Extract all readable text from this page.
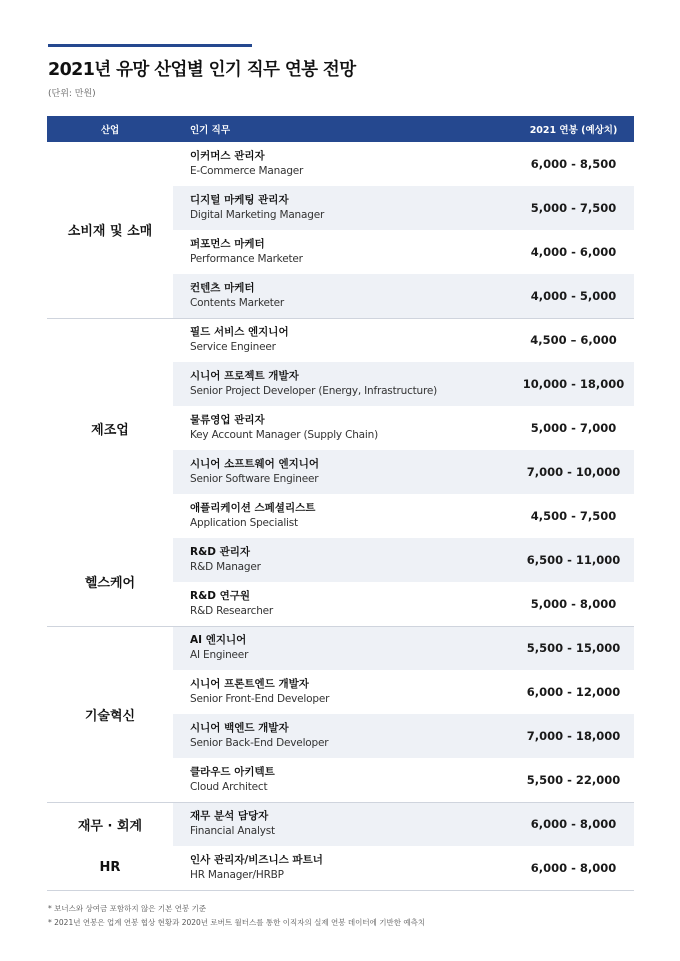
2021년 유망 산업별 인기 직무 연봉 전망
(단위: 만원)
산업	인기 직무	2021 연봉 (예상치)
소비재 및 소매	이커머스 관리자
E-Commerce Manager	6,000 - 8,500

	디지털 마케팅 관리자
Digital Marketing Manager	5,000 - 7,500

	퍼포먼스 마케터
Performance Marketer	4,000 - 6,000

	컨텐츠 마케터
Contents Marketer	4,000 - 5,000
제조업	필드 서비스 엔지니어
Service Engineer	4,500 – 6,000

	시니어 프로젝트 개발자
Senior Project Developer (Energy, Infrastructure)	10,000 - 18,000

	물류영업 관리자
Key Account Manager (Supply Chain)	5,000 - 7,000

	시니어 소프트웨어 엔지니어
Senior Software Engineer	7,000 - 10,000

	애플리케이션 스페셜리스트
Application Specialist	4,500 - 7,500
헬스케어	R&D 관리자
R&D Manager	6,500 - 11,000

	R&D 연구원
R&D Researcher	5,000 - 8,000
기술혁신	AI 엔지니어
AI Engineer	5,500 - 15,000

	시니어 프론트엔드 개발자
Senior Front-End Developer	6,000 - 12,000

	시니어 백엔드 개발자
Senior Back-End Developer	7,000 - 18,000

	클라우드 아키텍트
Cloud Architect	5,500 - 22,000
재무 · 회계	재무 분석 담당자
Financial Analyst	6,000 - 8,000
HR	인사 관리자/비즈니스 파트너
HR Manager/HRBP	6,000 - 8,000
* 보너스와 상여금 포함하지 않은 기본 연봉 기준
* 2021년 연봉은 업계 연봉 협상 현황과 2020년 로버트 월터스를 통한 이직자의 실제 연봉 데이터에 기반한 예측치
